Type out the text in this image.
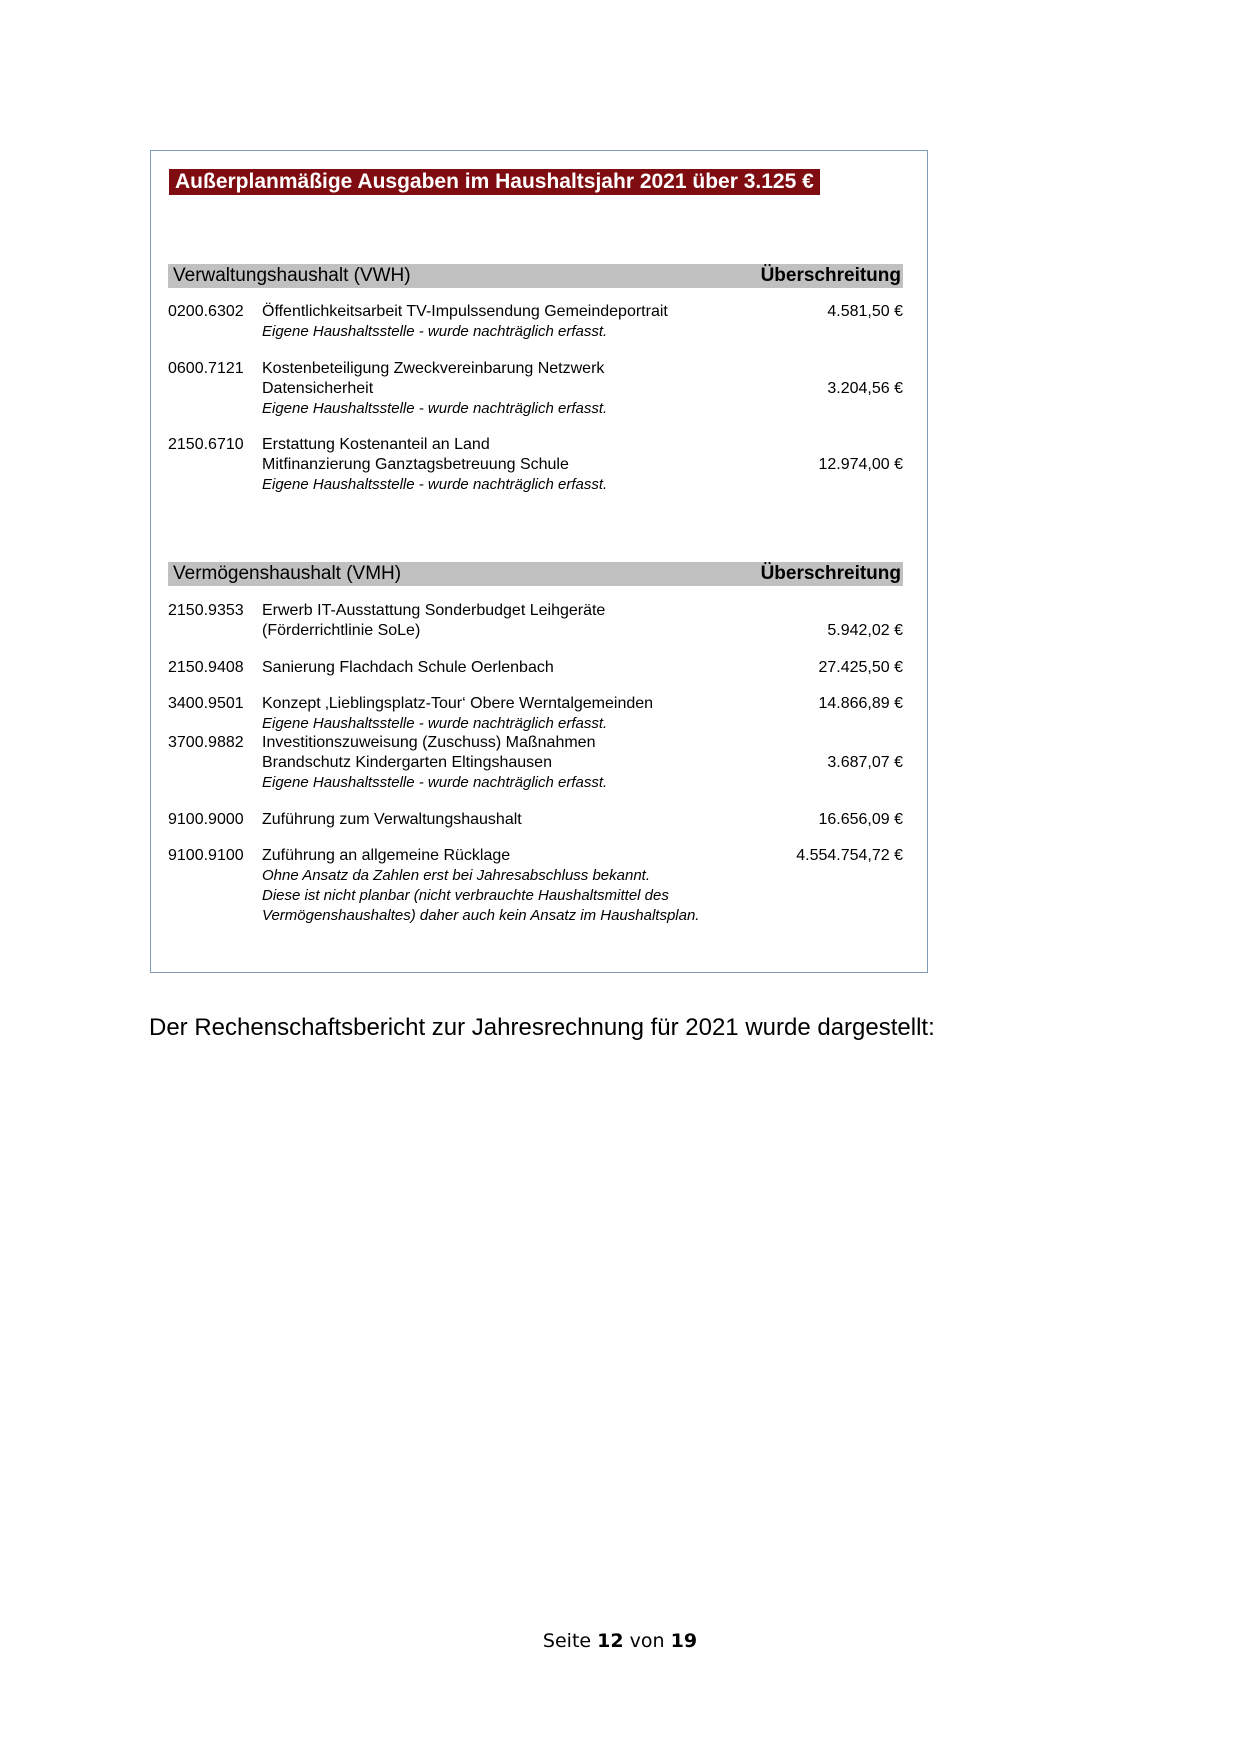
Außerplanmäßige Ausgaben im Haushaltsjahr 2021 über 3.125 €
Verwaltungshaushalt (VWH)	Überschreitung
0200.6302 Öffentlichkeitsarbeit TV-Impulssendung Gemeindeportrait
Eigene Haushaltsstelle - wurde nachträglich erfasst.
4.581,50 €
0600.7121 Kostenbeteiligung Zweckvereinbarung Netzwerk
Datensicherheit
Eigene Haushaltsstelle - wurde nachträglich erfasst.
3.204,56 €
2150.6710 Erstattung Kostenanteil an Land
Mitfinanzierung Ganztagsbetreuung Schule
Eigene Haushaltsstelle - wurde nachträglich erfasst.
12.974,00 €
Vermögenshaushalt (VMH)	Überschreitung
2150.9353 Erwerb IT-Ausstattung Sonderbudget Leihgeräte
(Förderrichtlinie SoLe)	5.942,02 €
2150.9408 Sanierung Flachdach Schule Oerlenbach	27.425,50 €
3400.9501 Konzept ‚Lieblingsplatz-Tour‘ Obere Werntalgemeinden
Eigene Haushaltsstelle - wurde nachträglich erfasst.
14.866,89 €
3700.9882 Investitionszuweisung (Zuschuss) Maßnahmen
Brandschutz Kindergarten Eltingshausen
Eigene Haushaltsstelle - wurde nachträglich erfasst.
3.687,07 €
9100.9000 Zuführung zum Verwaltungshaushalt	16.656,09 €
9100.9100 Zuführung an allgemeine Rücklage
Ohne Ansatz da Zahlen erst bei Jahresabschluss bekannt.
Diese ist nicht planbar (nicht verbrauchte Haushaltsmittel des
Vermögenshaushaltes) daher auch kein Ansatz im Haushaltsplan.
4.554.754,72 €
Der Rechenschaftsbericht zur Jahresrechnung für 2021 wurde dargestellt:
Seite 12 von 19
